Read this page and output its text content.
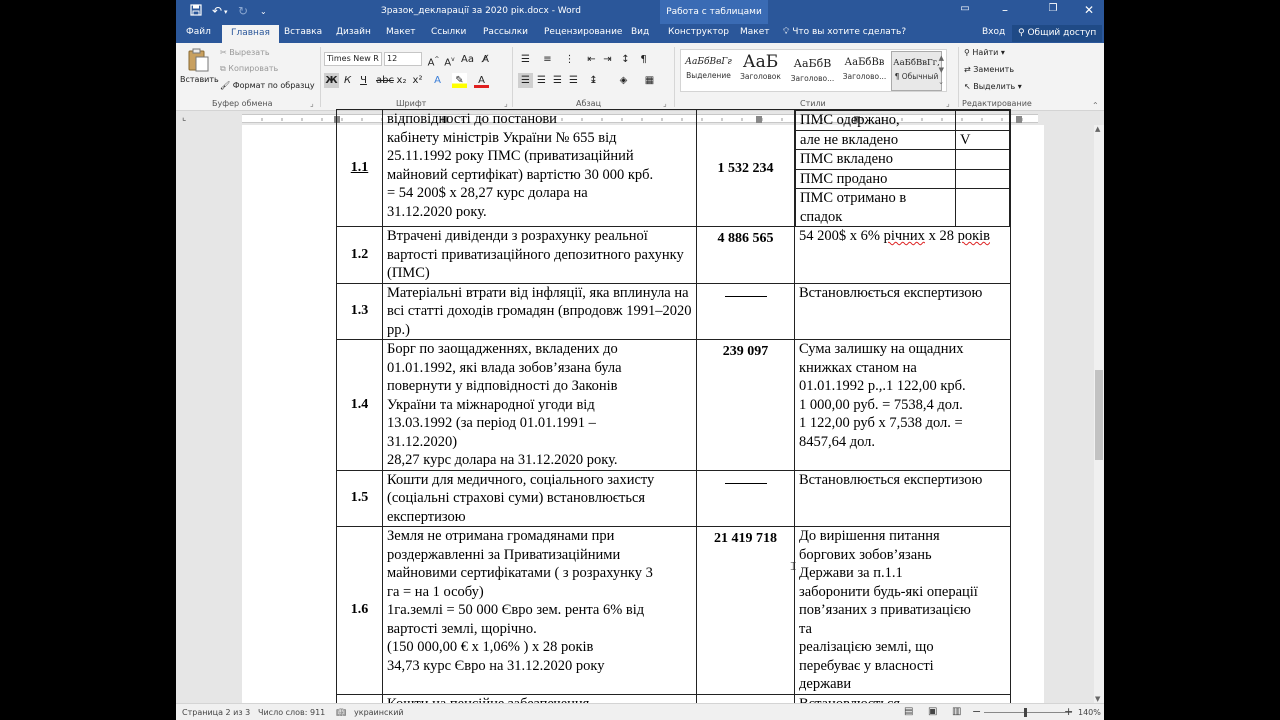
↶ ▾ ↻ ⌄	Зразок_декларації за 2020 рік.docx - Word	Работа с таблицами	▭	–	❐	✕
Файл	Главная	Вставка Дизайн Макет Ссылки Рассылки Рецензирование Вид Конструктор Макет 💡︎ Что вы хотите сделать?	Вход	⚲ Общий доступ
Вставить
✂ Вырезать
⧉ Копировать
🖌︎ Формат по образцу
Буфер обмена	⌟
Times New R	12	A^ $A^v$ Aa A̸
Ж К Ч abc x₂ x²	A	✎	A
Шрифт	⌟
☰	≡	⋮	⇤ ⇥ ↕	¶
☰ ☰ ☰ ☰	↨	◈	▦
Абзац	⌟
АаБбВвГг
Выделение
АаБ
Заголовок
АаБбВ
Заголово...
АаБбВв
Заголово...
АаБбВвГг,
¶ Обычный
▲
▼
⌄
Стили	⌟
⚲ Найти ▾
⇄ Заменить
↖ Выделить ▾
Редактирование	⌃
⌞
1.1	
відповідності до постанови
кабінету міністрів України № 655 від
25.11.1992 року ПМС (приватизаційний
майновий сертифікат) вартістю 30 000 крб.
= 54 200$ х 28,27 курс долара на
31.12.2020 року.
	1 532 234	
ПМС одержано,	
але не вкладено	V
ПМС вкладено	
ПМС продано	
ПМС отримано в спадок	

1.2	Втрачені дивіденди з розрахунку реальної вартості приватизаційного депозитного рахунку (ПМС)	4 886 565	54 200$ х 6% річних х 28 років
1.3	Матеріальні втрати від інфляції, яка вплинула на всі статті доходів громадян (впродовж 1991–2020 рр.)		Встановлюється експертизою
1.4	
Борг по заощадженнях, вкладених до
01.01.1992, які влада зобов’язана була
повернути у відповідності до Законів
України та міжнародної угоди від
13.03.1992 (за період 01.01.1991 –
31.12.2020)
28,27 курс долара на 31.12.2020 року.
	239 097	Сума залишку на ощадних
книжках станом на
01.01.1992 р.,.1 122,00 крб.
1 000,00 руб. = 7538,4 дол.
1 122,00 руб х 7,538 дол. =
8457,64 дол.

1.5	Кошти для медичного, соціального захисту (соціальні страхові суми) встановлюється експертизою		Встановлюється експертизою
1.6	
Земля не отримана громадянами при
роздержавленні за Приватизаційними
майновими сертифікатами ( з розрахунку 3
га = на 1 особу)
1га.землі = 50 000 Євро зем. рента 6% від
вартості землі, щорічно.
(150 000,00 € х 1,06% ) х 28 років
34,73 курс Євро на 31.12.2020 року
	21 419 718	До вирішення питання
боргових зобов’язань
Держави за п.1.1
заборонити будь-які операції
пов’язаних з приватизацією
та
реалізацією землі, що
перебуває у власності
держави

𝙸
▲
▼
Страница 2 из 3 Число слов: 911 📖︎ украинский	▤ ▣ ▥ −	+ 140%
